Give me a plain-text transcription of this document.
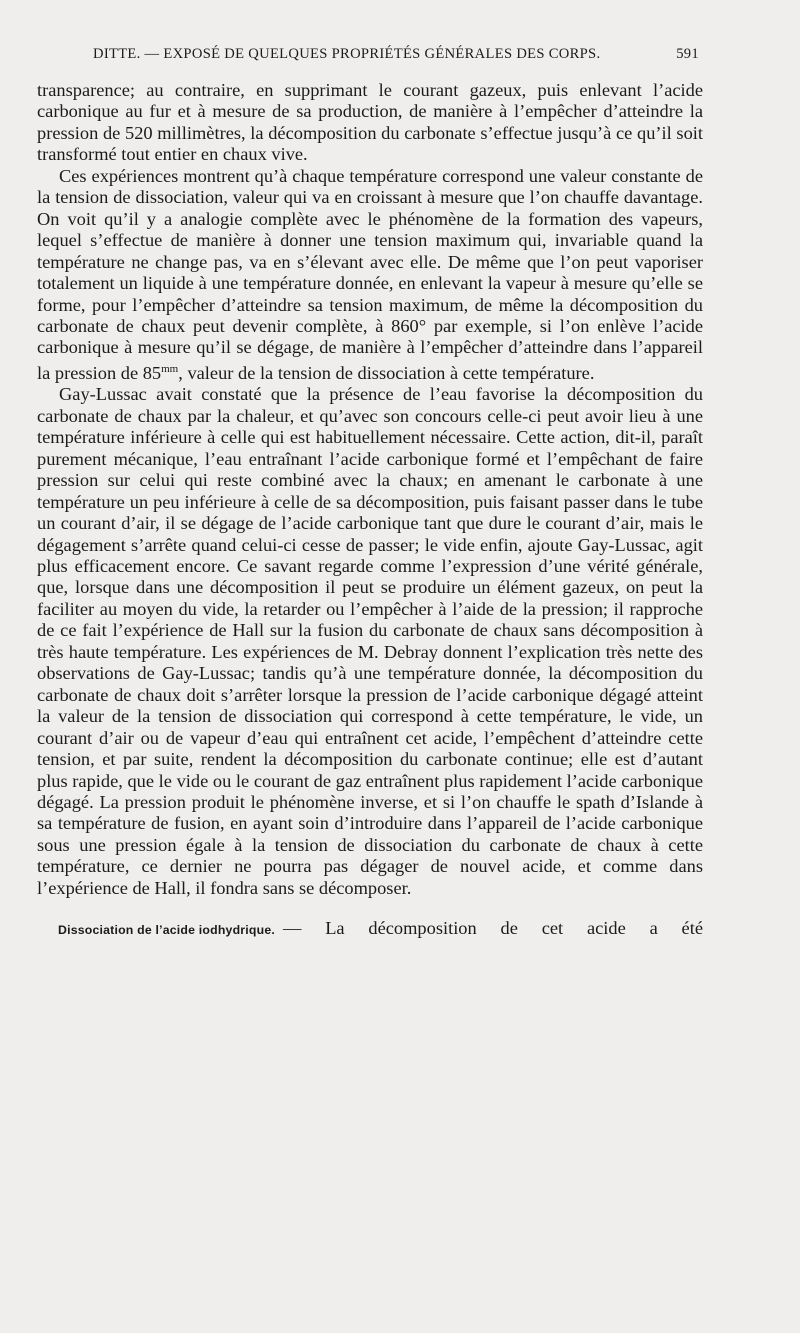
DITTE. — EXPOSÉ DE QUELQUES PROPRIÉTÉS GÉNÉRALES DES CORPS.	591

transparence; au contraire, en supprimant le courant gazeux, puis enlevant l’acide carbonique au fur et à mesure de sa production, de manière à l’empêcher d’atteindre la pression de 520 millimètres, la décomposition du carbonate s’effectue jusqu’à ce qu’il soit transformé tout entier en chaux vive.

Ces expériences montrent qu’à chaque température correspond une valeur constante de la tension de dissociation, valeur qui va en croissant à mesure que l’on chauffe davantage. On voit qu’il y a analogie complète avec le phénomène de la formation des vapeurs, lequel s’effectue de manière à donner une tension maximum qui, invariable quand la température ne change pas, va en s’élevant avec elle. De même que l’on peut vaporiser totalement un liquide à une température donnée, en enlevant la vapeur à mesure qu’elle se forme, pour l’empêcher d’atteindre sa tension maximum, de même la décomposition du carbonate de chaux peut devenir complète, à 860° par exemple, si l’on enlève l’acide carbonique à mesure qu’il se dégage, de manière à l’empêcher d’atteindre dans l’appareil la pression de $85^{mm}$, valeur de la tension de dissociation à cette température.

Gay-Lussac avait constaté que la présence de l’eau favorise la décomposition du carbonate de chaux par la chaleur, et qu’avec son concours celle-ci peut avoir lieu à une température inférieure à celle qui est habituellement nécessaire. Cette action, dit-il, paraît purement mécanique, l’eau entraînant l’acide carbonique formé et l’empêchant de faire pression sur celui qui reste combiné avec la chaux; en amenant le carbonate à une température un peu inférieure à celle de sa décomposition, puis faisant passer dans le tube un courant d’air, il se dégage de l’acide carbonique tant que dure le courant d’air, mais le dégagement s’arrête quand celui-ci cesse de passer; le vide enfin, ajoute Gay-Lussac, agit plus efficacement encore. Ce savant regarde comme l’expression d’une vérité générale, que, lorsque dans une décomposition il peut se produire un élément gazeux, on peut la faciliter au moyen du vide, la retarder ou l’empêcher à l’aide de la pression; il rapproche de ce fait l’expérience de Hall sur la fusion du carbonate de chaux sans décomposition à très haute température. Les expériences de M. Debray donnent l’explication très nette des observations de Gay-Lussac; tandis qu’à une température donnée, la décomposition du carbonate de chaux doit s’arrêter lorsque la pression de l’acide carbonique dégagé atteint la valeur de la tension de dissociation qui correspond à cette température, le vide, un courant d’air ou de vapeur d’eau qui entraînent cet acide, l’empêchent d’atteindre cette tension, et par suite, rendent la décomposition du carbonate continue; elle est d’autant plus rapide, que le vide ou le courant de gaz entraînent plus rapidement l’acide carbonique dégagé. La pression produit le phénomène inverse, et si l’on chauffe le spath d’Islande à sa température de fusion, en ayant soin d’introduire dans l’appareil de l’acide carbonique sous une pression égale à la tension de dissociation du carbonate de chaux à cette température, ce dernier ne pourra pas dégager de nouvel acide, et comme dans l’expérience de Hall, il fondra sans se décomposer.

Dissociation de l’acide iodhydrique. — La décomposition de cet acide a été
